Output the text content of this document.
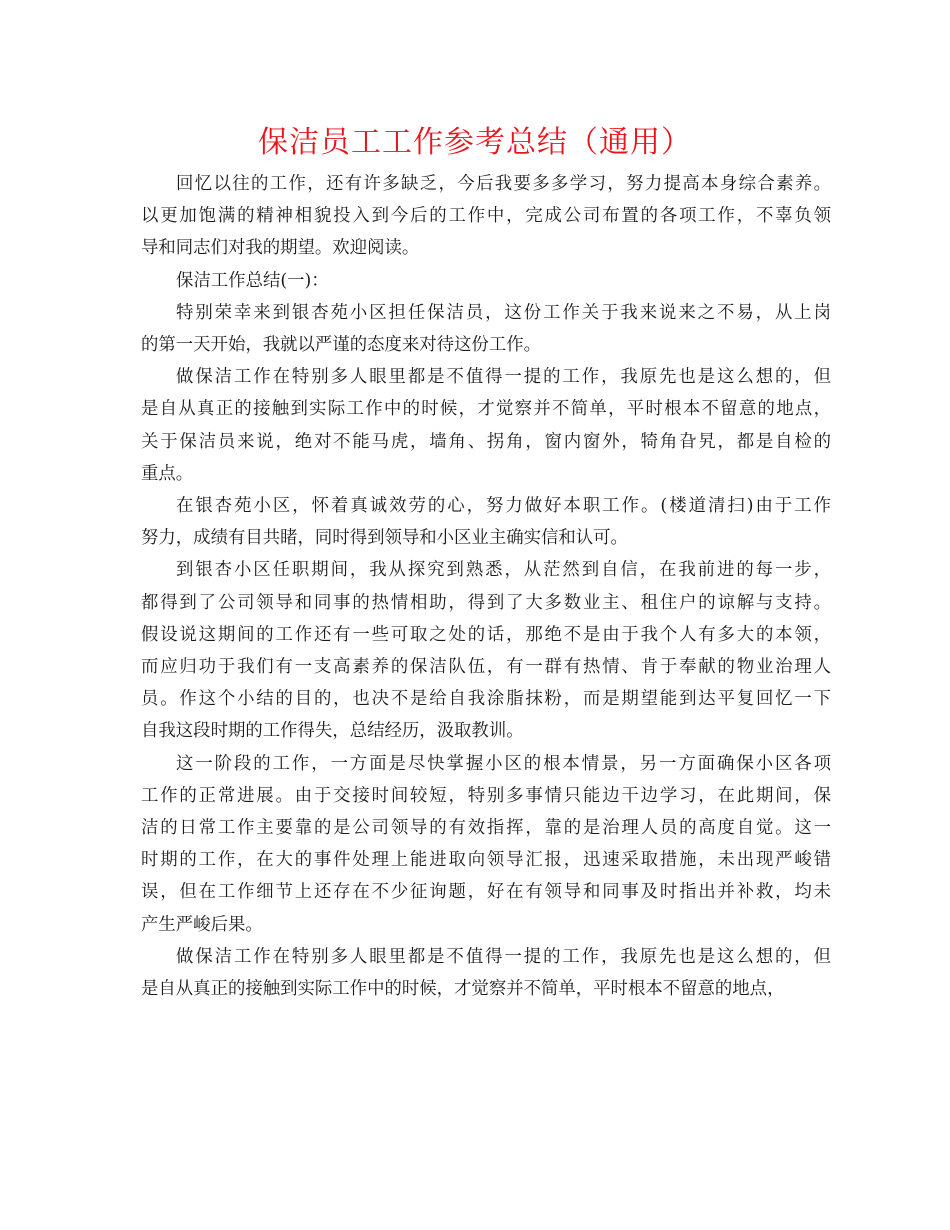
保洁员工工作参考总结（通用）

回忆以往的工作，还有许多缺乏，今后我要多多学习，努力提高本身综合素养。
以更加饱满的精神相貌投入到今后的工作中，完成公司布置的各项工作，不辜负领
导和同志们对我的期望。欢迎阅读。

保洁工作总结(一)：

特别荣幸来到银杏苑小区担任保洁员，这份工作关于我来说来之不易，从上岗
的第一天开始，我就以严谨的态度来对待这份工作。

做保洁工作在特别多人眼里都是不值得一提的工作，我原先也是这么想的，但
是自从真正的接触到实际工作中的时候，才觉察并不简单，平时根本不留意的地点，
关于保洁员来说，绝对不能马虎，墙角、拐角，窗内窗外，犄角旮旯，都是自检的
重点。

在银杏苑小区，怀着真诚效劳的心，努力做好本职工作。(楼道清扫)由于工作
努力，成绩有目共睹，同时得到领导和小区业主确实信和认可。

到银杏小区任职期间，我从探究到熟悉，从茫然到自信，在我前进的每一步，
都得到了公司领导和同事的热情相助，得到了大多数业主、租住户的谅解与支持。
假设说这期间的工作还有一些可取之处的话，那绝不是由于我个人有多大的本领，
而应归功于我们有一支高素养的保洁队伍，有一群有热情、肯于奉献的物业治理人
员。作这个小结的目的，也决不是给自我涂脂抹粉，而是期望能到达平复回忆一下
自我这段时期的工作得失，总结经历，汲取教训。

这一阶段的工作，一方面是尽快掌握小区的根本情景，另一方面确保小区各项
工作的正常进展。由于交接时间较短，特别多事情只能边干边学习，在此期间，保
洁的日常工作主要靠的是公司领导的有效指挥，靠的是治理人员的高度自觉。这一
时期的工作，在大的事件处理上能进取向领导汇报，迅速采取措施，未出现严峻错
误，但在工作细节上还存在不少征询题，好在有领导和同事及时指出并补救，均未
产生严峻后果。

做保洁工作在特别多人眼里都是不值得一提的工作，我原先也是这么想的，但
是自从真正的接触到实际工作中的时候，才觉察并不简单，平时根本不留意的地点，
